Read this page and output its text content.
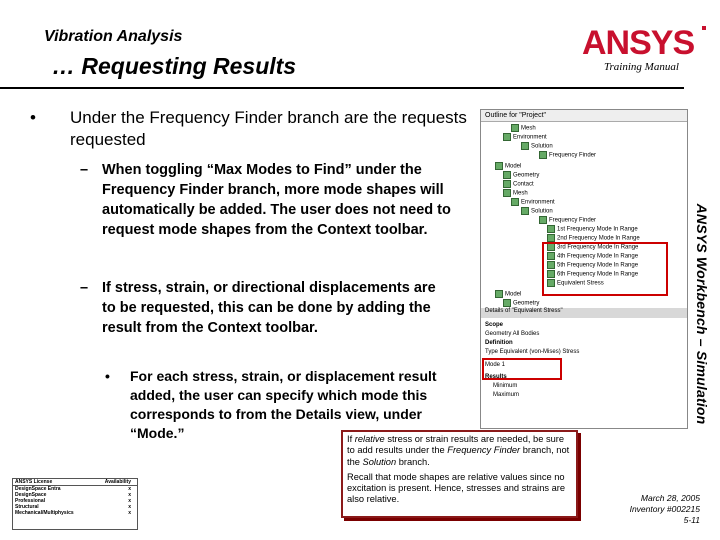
Vibration Analysis
… Requesting Results
ANSYS
Training Manual
ANSYS Workbench – Simulation
• Under the Frequency Finder branch are the requests requested
– When toggling “Max Modes to Find” under the Frequency Finder branch, more mode shapes will automatically be added. The user does not need to request mode shapes from the Context toolbar.
– If stress, strain, or directional displacements are to be requested, this can be done by adding the result from the Context toolbar.
• For each stress, strain, or displacement result added, the user can specify which mode this corresponds to from the Details view, under “Mode.”
Outline for "Project"
Mesh
Environment
Solution
Frequency Finder
Model
Geometry
Contact
Mesh
Environment
Solution
Frequency Finder
1st Frequency Mode In Range
2nd Frequency Mode In Range
3rd Frequency Mode In Range
4th Frequency Mode In Range
5th Frequency Mode In Range
6th Frequency Mode In Range
Equivalent Stress
Model
Geometry
Details of "Equivalent Stress"
Scope
Geometry All Bodies
Definition
Type Equivalent (von-Mises) Stress
Mode 1
Results
Minimum
Maximum

If relative stress or strain results are needed, be sure to add results under the Frequency Finder branch, not the Solution branch.

Recall that mode shapes are relative values since no excitation is present. Hence, stresses and strains are also relative.

ANSYS License	Availability
DesignSpace Entra	x
DesignSpace	x
Professional	x
Structural	x
Mechanical/Multiphysics	x
March 28, 2005
Inventory #002215
5-11
